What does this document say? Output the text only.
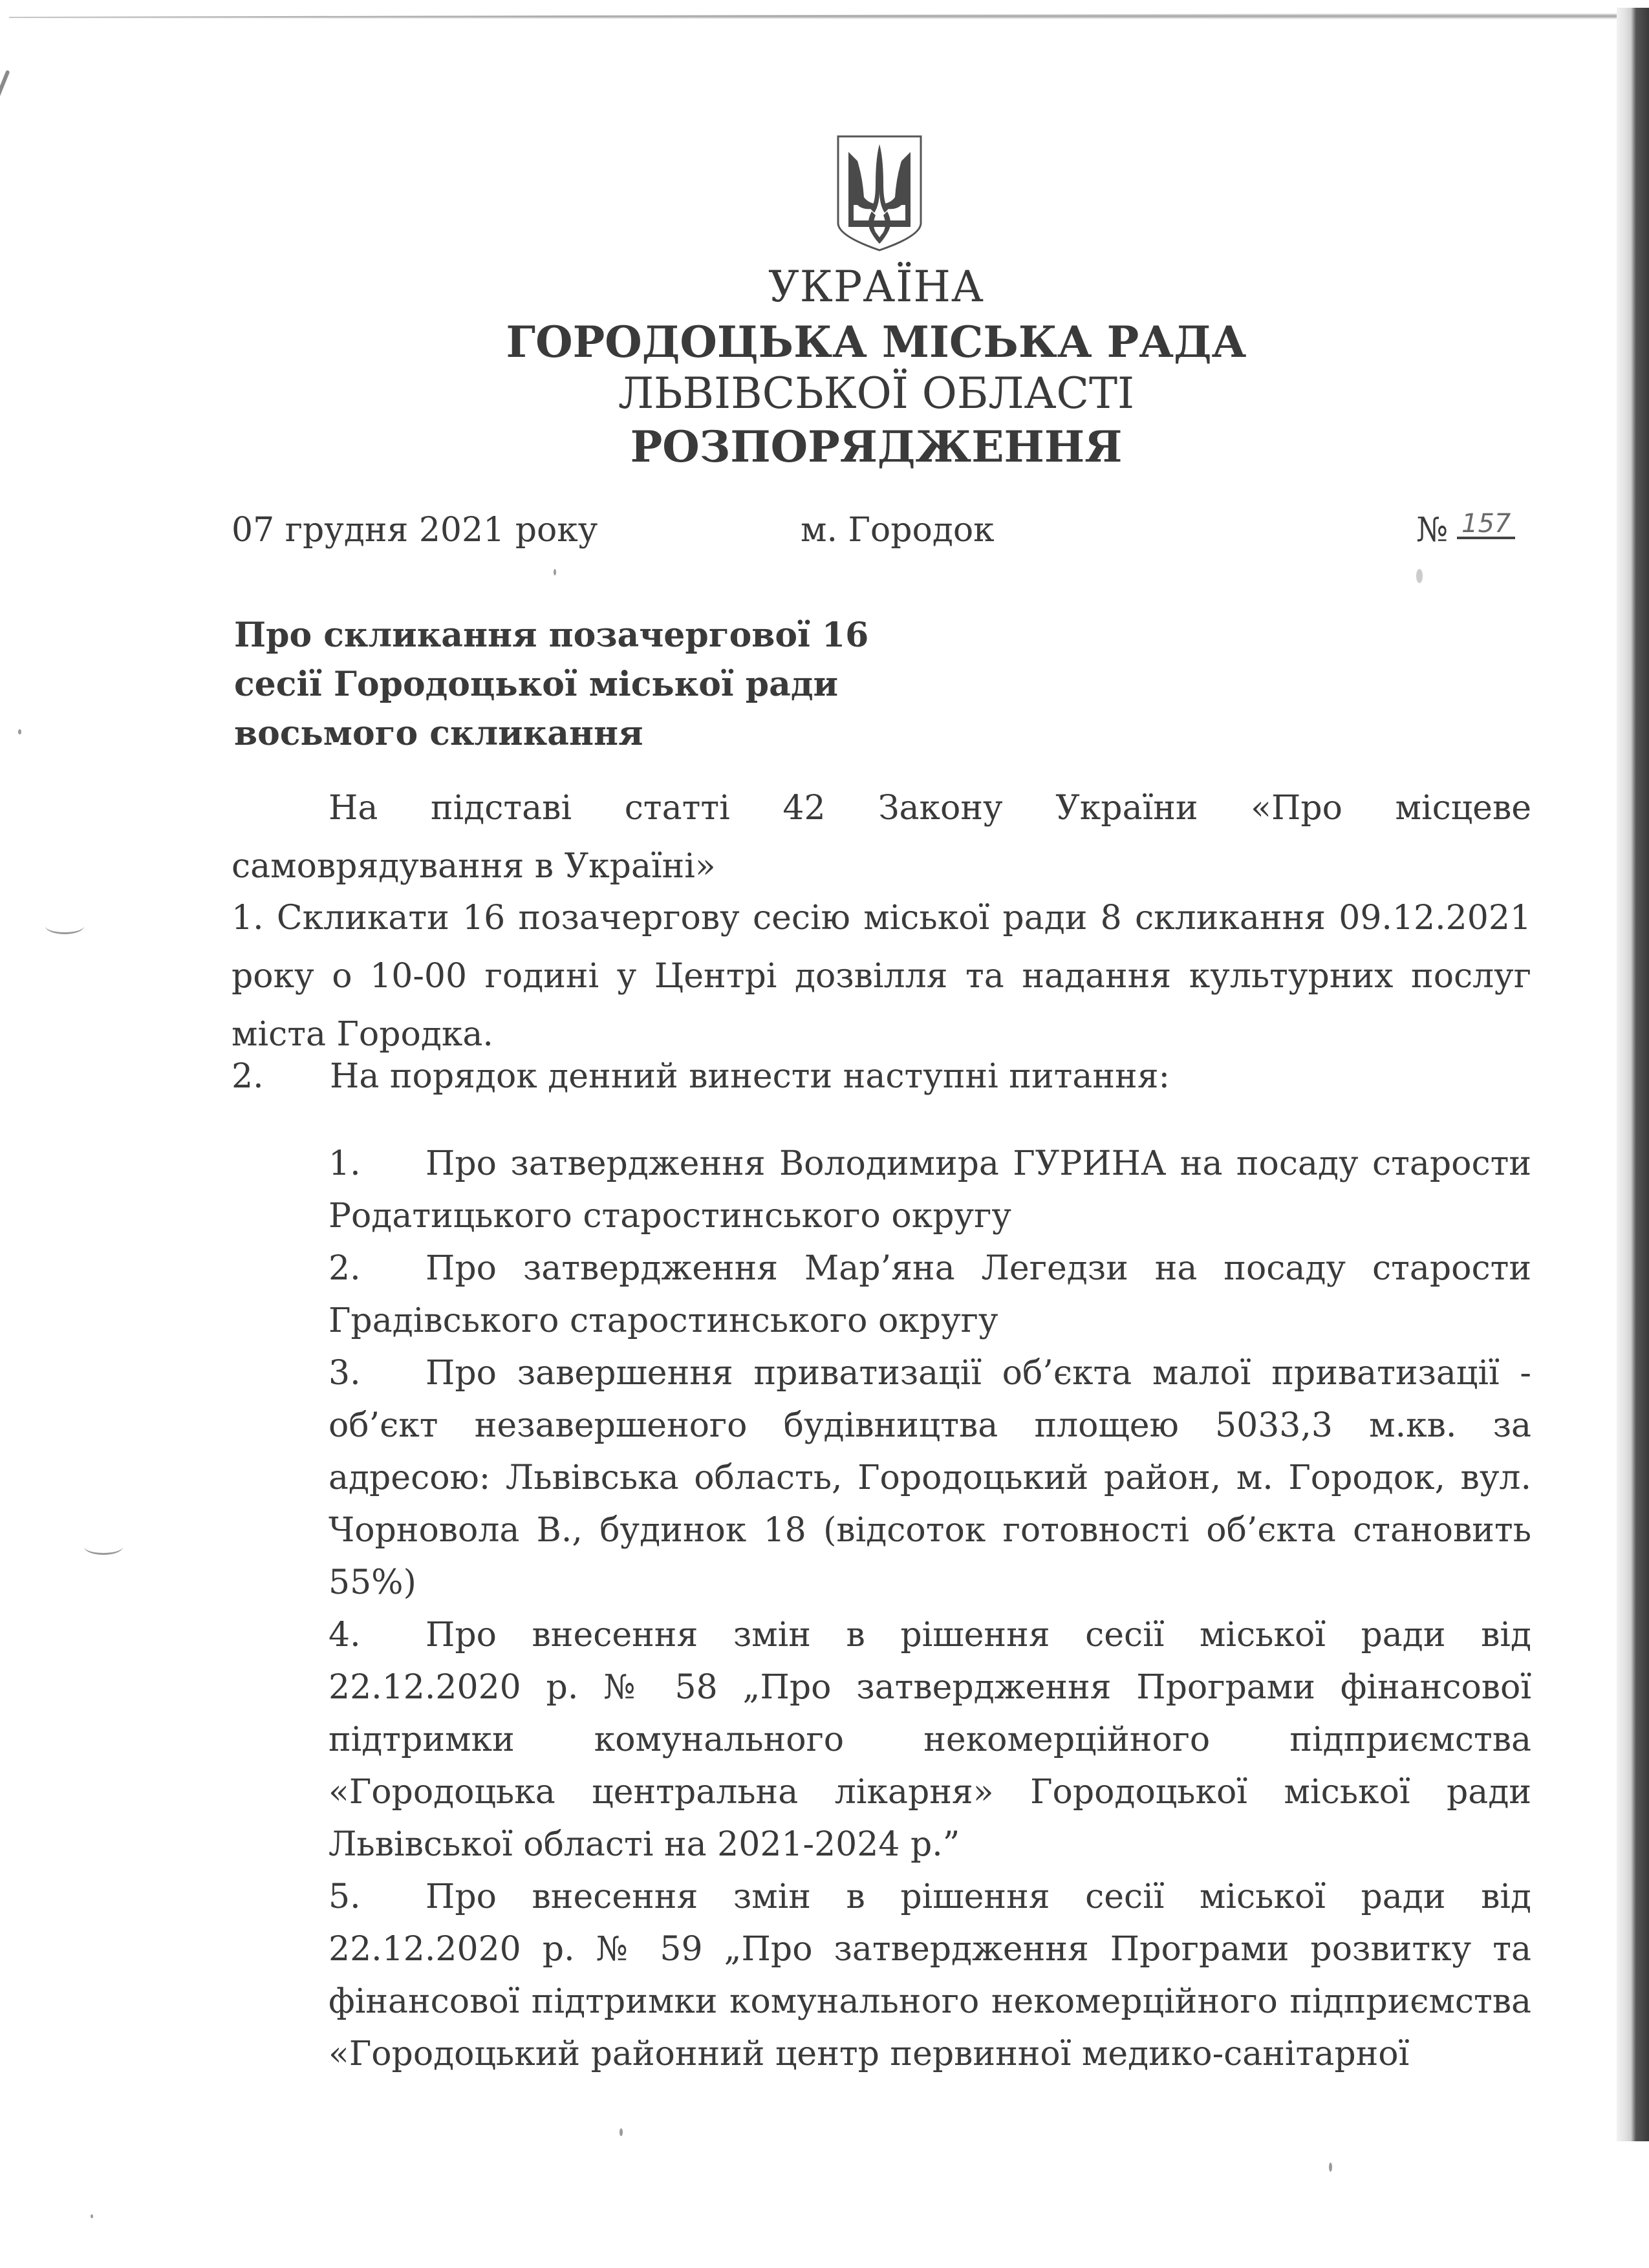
УКРАЇНА
ГОРОДОЦЬКА МІСЬКА РАДА
ЛЬВІВСЬКОЇ ОБЛАСТІ
РОЗПОРЯДЖЕННЯ
07 грудня 2021 року	м. Городок	№ 157
Про скликання позачергової 16
сесії Городоцької міської ради
восьмого скликання
На підставі статті 42 Закону України «Про місцеве самоврядування в Україні»
1. Скликати 16 позачергову сесію міської ради 8 скликання 09.12.2021 року о 10-00 годині у Центрі дозвілля та надання культурних послуг міста Городка.
2. На порядок денний винести наступні питання:

1. Про затвердження Володимира ГУРИНА на посаду старости Родатицького старостинського округу

2. Про затвердження Мар’яна Легедзи на посаду старости Градівського старостинського округу

3. Про завершення приватизації об’єкта малої приватизації - об’єкт незавершеного будівництва площею 5033,3 м.кв. за адресою: Львівська область, Городоцький район, м. Городок, вул. Чорновола В., будинок 18 (відсоток готовності об’єкта становить 55%)

4. Про внесення змін в рішення сесії міської ради від 22.12.2020 р. № 58 „Про затвердження Програми фінансової підтримки комунального некомерційного підприємства «Городоцька центральна лікарня» Городоцької міської ради Львівської області на 2021-2024 р.”

5. Про внесення змін в рішення сесії міської ради від 22.12.2020 р. № 59 „Про затвердження Програми розвитку та фінансової підтримки комунального некомерційного підприємства «Городоцький районний центр первинної медико-санітарної
